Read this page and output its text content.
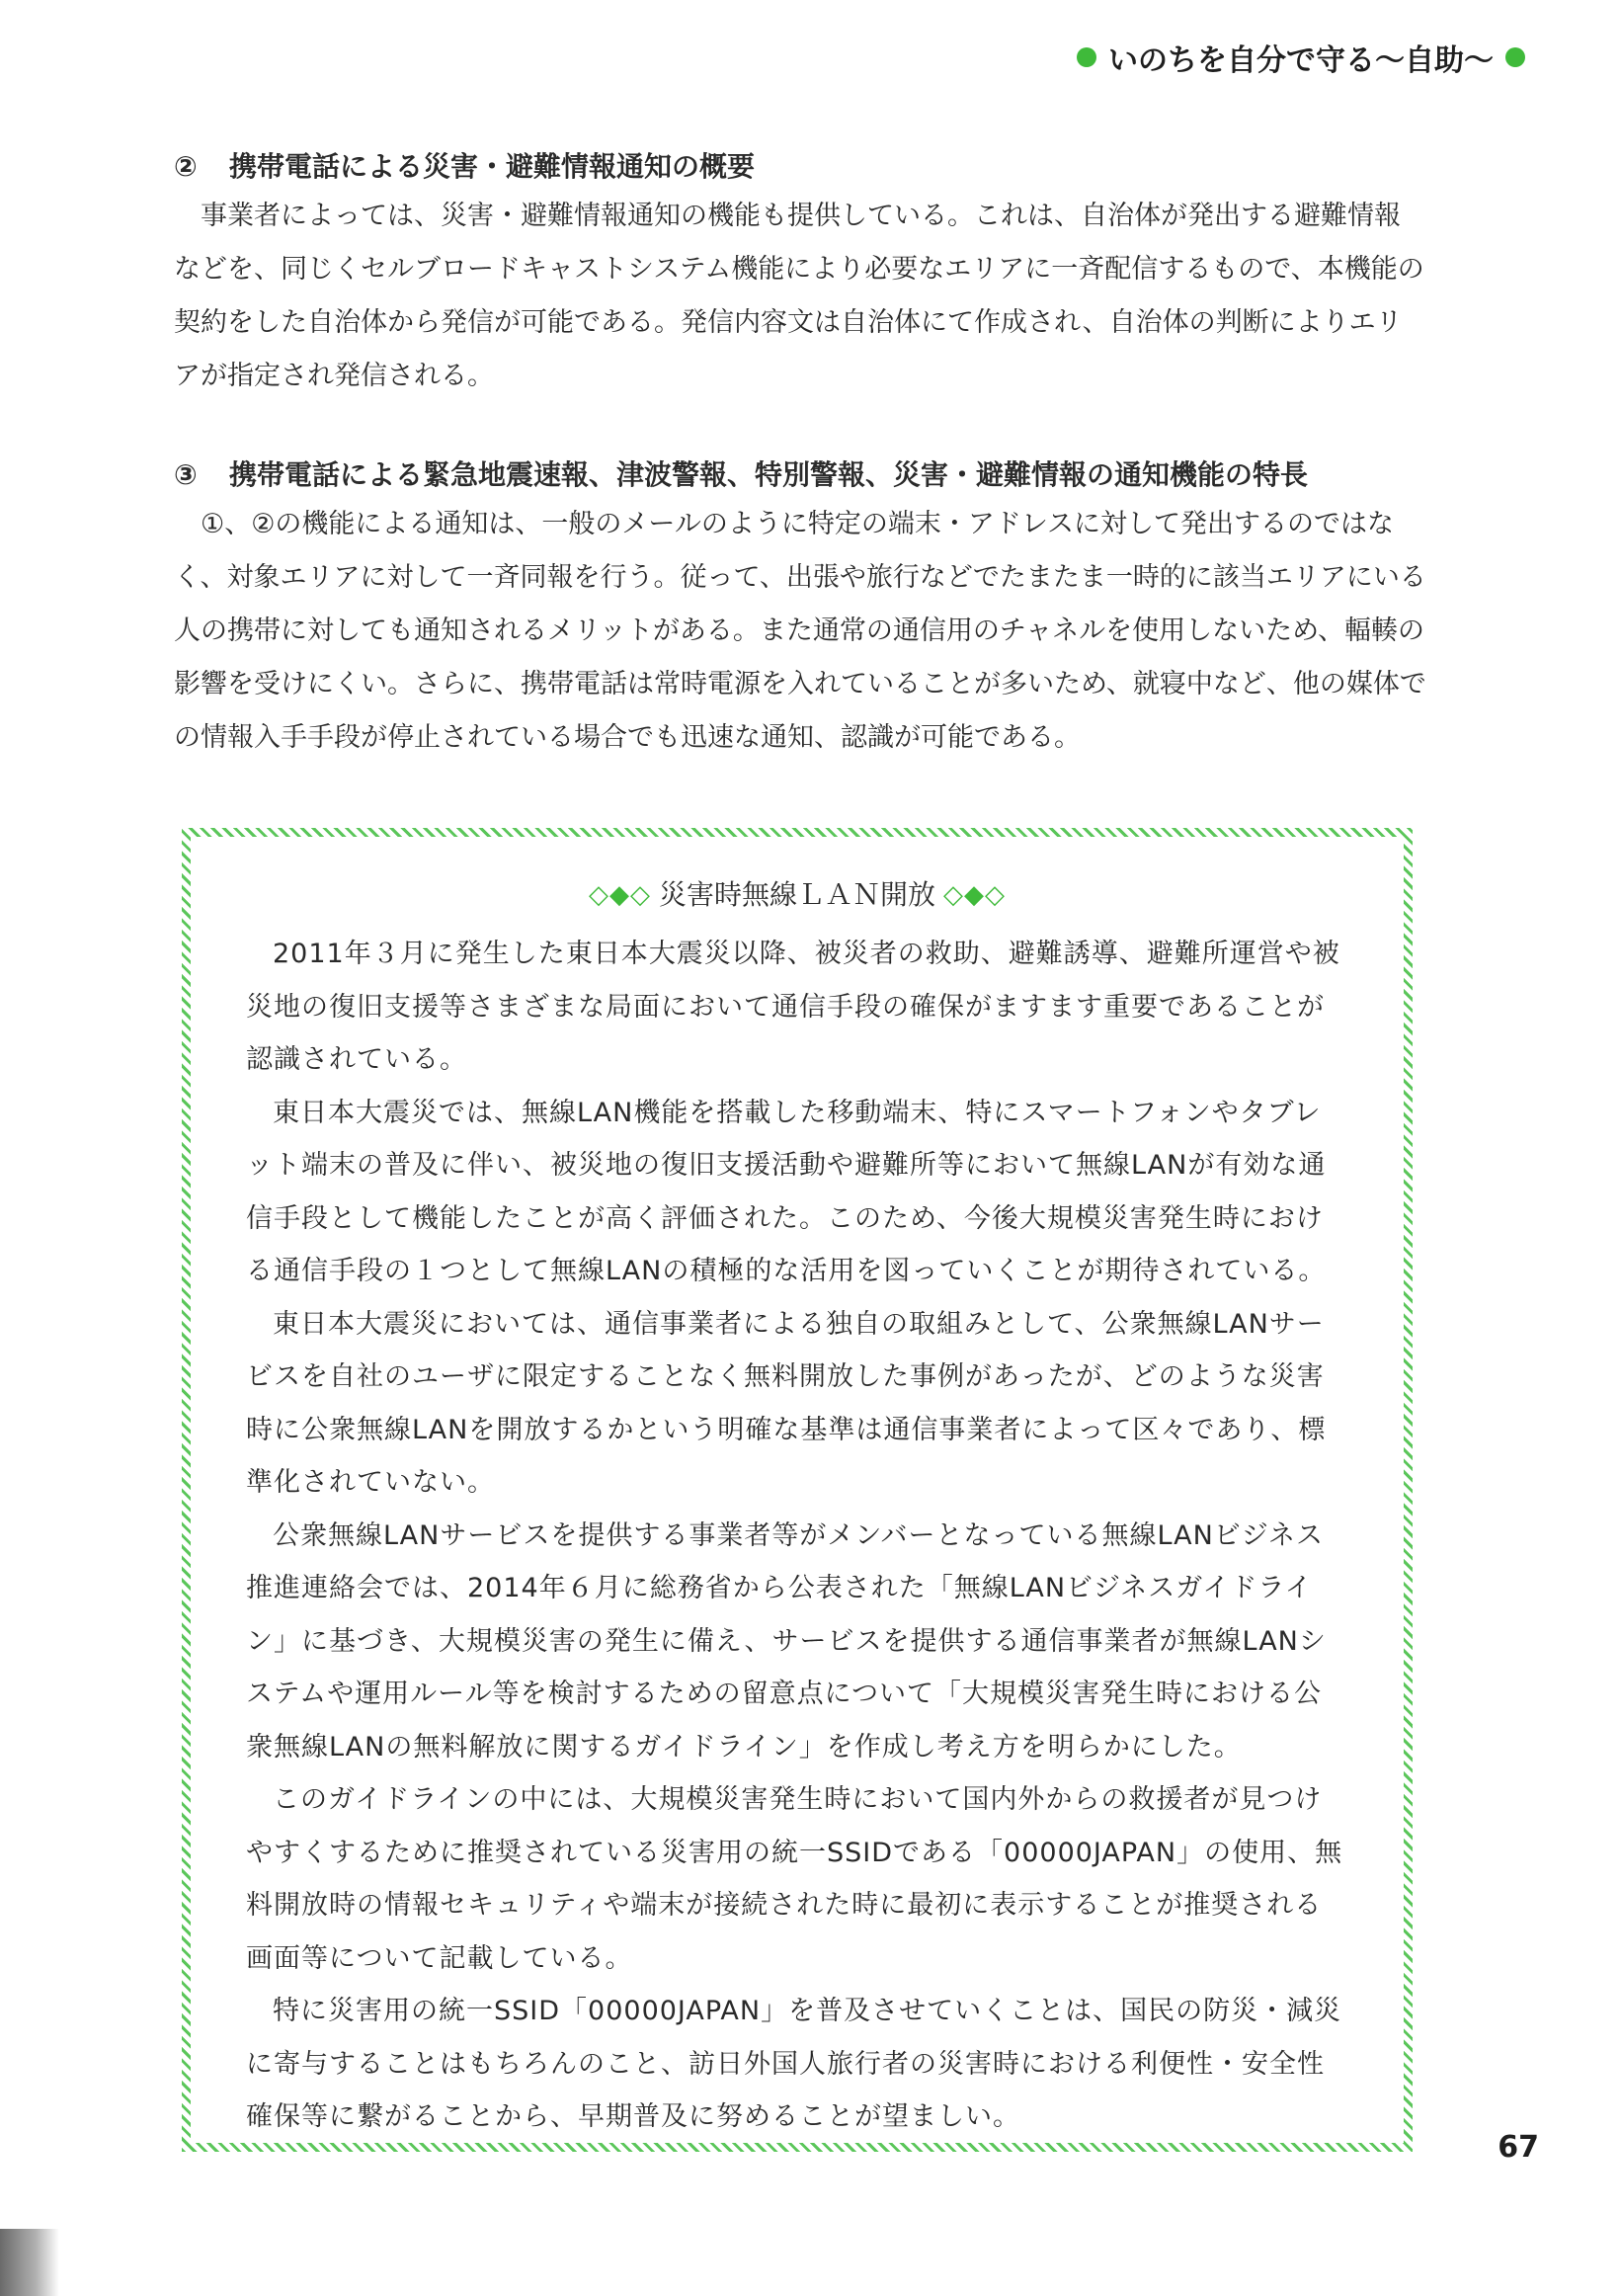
いのちを自分で守る～自助～
② 携帯電話による災害・避難情報通知の概要

事業者によっては、災害・避難情報通知の機能も提供している。これは、自治体が発出する避難情報などを、同じくセルブロードキャストシステム機能により必要なエリアに一斉配信するもので、本機能の契約をした自治体から発信が可能である。発信内容文は自治体にて作成され、自治体の判断によりエリアが指定され発信される。

③ 携帯電話による緊急地震速報、津波警報、特別警報、災害・避難情報の通知機能の特長

①、②の機能による通知は、一般のメールのように特定の端末・アドレスに対して発出するのではなく、対象エリアに対して一斉同報を行う。従って、出張や旅行などでたまたま一時的に該当エリアにいる人の携帯に対しても通知されるメリットがある。また通常の通信用のチャネルを使用しないため、輻輳の影響を受けにくい。さらに、携帯電話は常時電源を入れていることが多いため、就寝中など、他の媒体での情報入手手段が停止されている場合でも迅速な通知、認識が可能である。

◇◆◇ 災害時無線ＬＡＮ開放 ◇◆◇

2011年３月に発生した東日本大震災以降、被災者の救助、避難誘導、避難所運営や被災地の復旧支援等さまざまな局面において通信手段の確保がますます重要であることが認識されている。

東日本大震災では、無線LAN機能を搭載した移動端末、特にスマートフォンやタブレット端末の普及に伴い、被災地の復旧支援活動や避難所等において無線LANが有効な通信手段として機能したことが高く評価された。このため、今後大規模災害発生時における通信手段の１つとして無線LANの積極的な活用を図っていくことが期待されている。

東日本大震災においては、通信事業者による独自の取組みとして、公衆無線LANサービスを自社のユーザに限定することなく無料開放した事例があったが、どのような災害時に公衆無線LANを開放するかという明確な基準は通信事業者によって区々であり、標準化されていない。

公衆無線LANサービスを提供する事業者等がメンバーとなっている無線LANビジネス推進連絡会では、2014年６月に総務省から公表された「無線LANビジネスガイドライン」に基づき、大規模災害の発生に備え、サービスを提供する通信事業者が無線LANシステムや運用ルール等を検討するための留意点について「大規模災害発生時における公衆無線LANの無料解放に関するガイドライン」を作成し考え方を明らかにした。

このガイドラインの中には、大規模災害発生時において国内外からの救援者が見つけやすくするために推奨されている災害用の統一SSIDである「00000JAPAN」の使用、無料開放時の情報セキュリティや端末が接続された時に最初に表示することが推奨される画面等について記載している。

特に災害用の統一SSID「00000JAPAN」を普及させていくことは、国民の防災・減災に寄与することはもちろんのこと、訪日外国人旅行者の災害時における利便性・安全性確保等に繋がることから、早期普及に努めることが望ましい。

67
